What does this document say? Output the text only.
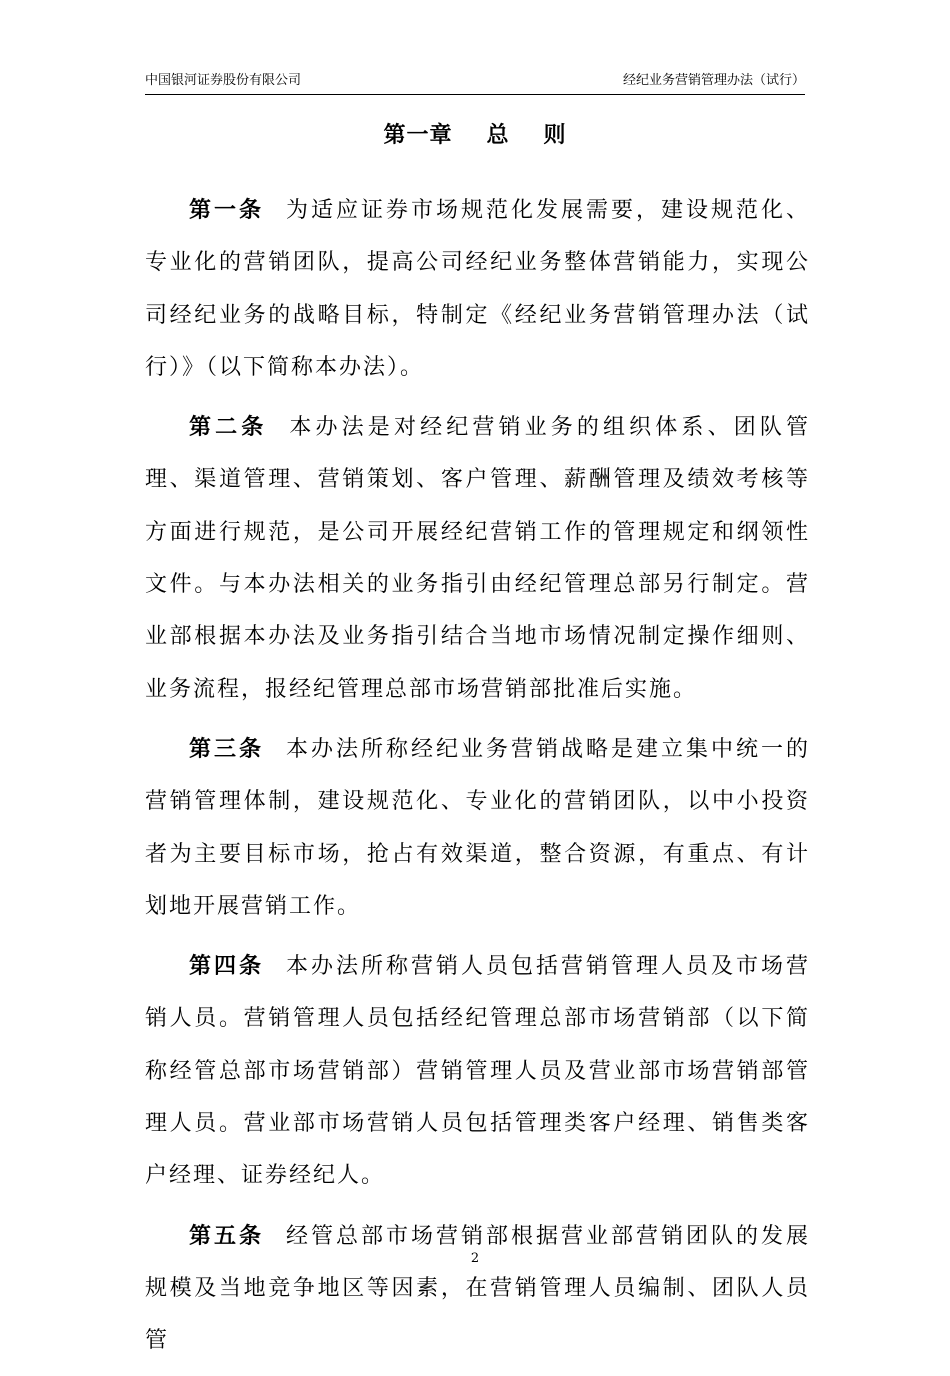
中国银河证券股份有限公司	经纪业务营销管理办法（试行）
第一章 总 则

第一条 为适应证券市场规范化发展需要，建设规范化、专业化的营销团队，提高公司经纪业务整体营销能力，实现公司经纪业务的战略目标，特制定《经纪业务营销管理办法（试行）》（以下简称本办法）。

第二条 本办法是对经纪营销业务的组织体系、团队管理、渠道管理、营销策划、客户管理、薪酬管理及绩效考核等方面进行规范，是公司开展经纪营销工作的管理规定和纲领性文件。与本办法相关的业务指引由经纪管理总部另行制定。营业部根据本办法及业务指引结合当地市场情况制定操作细则、业务流程，报经纪管理总部市场营销部批准后实施。

第三条 本办法所称经纪业务营销战略是建立集中统一的营销管理体制，建设规范化、专业化的营销团队，以中小投资者为主要目标市场，抢占有效渠道，整合资源，有重点、有计划地开展营销工作。

第四条 本办法所称营销人员包括营销管理人员及市场营销人员。营销管理人员包括经纪管理总部市场营销部（以下简称经管总部市场营销部）营销管理人员及营业部市场营销部管理人员。营业部市场营销人员包括管理类客户经理、销售类客户经理、证券经纪人。

第五条 经管总部市场营销部根据营业部营销团队的发展规模及当地竞争地区等因素，在营销管理人员编制、团队人员管

2
